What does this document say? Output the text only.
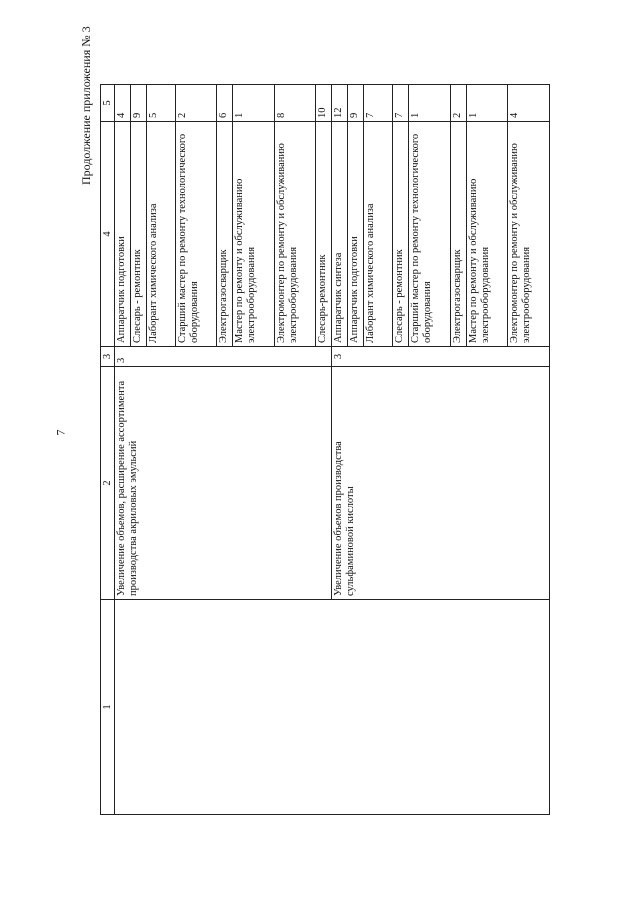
7
Продолжение приложения № 3
1	2	3	4	5
	Увеличение объемов, расширение ассортимента производства акриловых эмульсий	3	Аппаратчик подготовки	4
			Слесарь - ремонтник	9
			Лаборант химического анализа	5
			Старший мастер по ремонту технологического оборудования	2
			Электрогазосварщик	6
			Мастер по ремонту и обслуживанию электрооборудования	1
			Электромонтер по ремонту и обслуживанию электрооборудования	8
			Слесарь-ремонтник	10
	Увеличение объемов производства сульфаминовой кислоты	3	Аппаратчик синтеза	12
			Аппаратчик подготовки	9
			Лаборант химического анализа	7
			Слесарь - ремонтник	7
			Старший мастер по ремонту технологического оборудования	1
			Электрогазосварщик	2
			Мастер по ремонту и обслуживанию электрооборудования	1
			Электромонтер по ремонту и обслуживанию электрооборудования	4
